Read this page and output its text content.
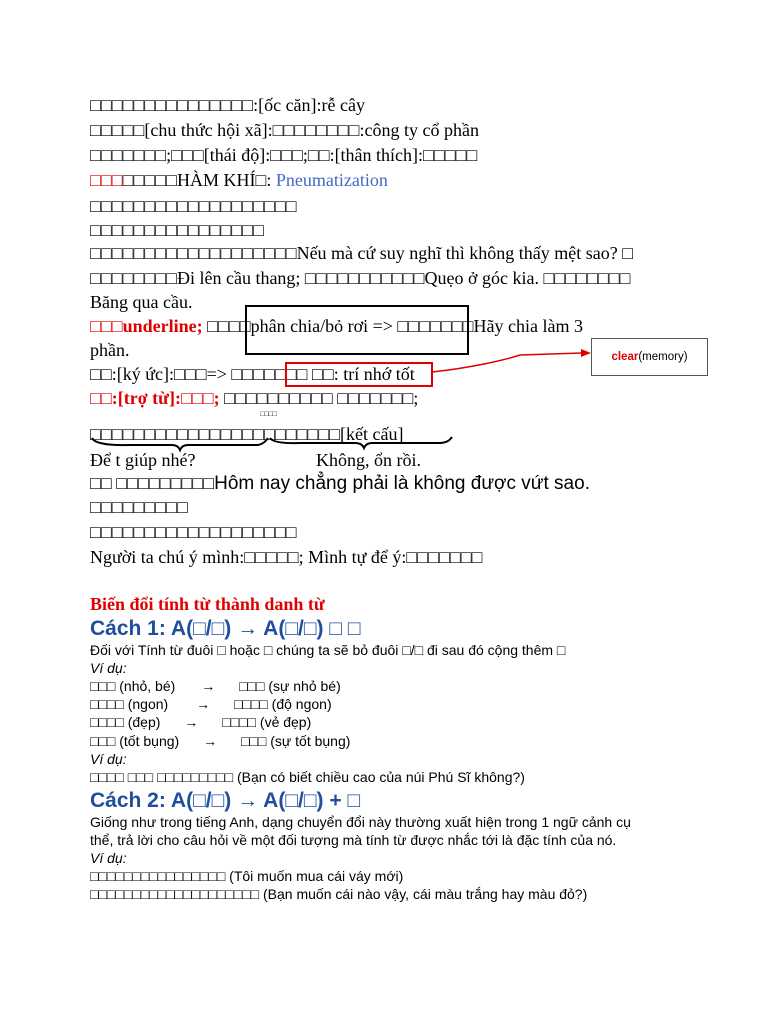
□□□□□□□□□□□□□□□:[ốc căn]:rễ cây
□□□□□[chu thức hội xã]:□□□□□□□□:công ty cổ phần
□□□□□□□;□□□[thái độ]:□□□;□□:[thân thích]:□□□□□
□□□□□□□□HÀM KHÍ□: Pneumatization
□□□□□□□□□□□□□□□□□□□
□□□□□□□□□□□□□□□□
□□□□□□□□□□□□□□□□□□□Nếu mà cứ suy nghĩ thì không thấy mệt sao? □
□□□□□□□□Đi lên cầu thang; □□□□□□□□□□□Quẹo ở góc kia. □□□□□□□□
Băng qua cầu.
□□□underline; □□□□phân chia/bỏ rơi => □□□□□□□Hãy chia làm 3
phần.
□□:[ký ức]:□□□=> □□□□□□□ □□: trí nhớ tốt
□□:[trợ từ]:□□□; □□□□□□□□□□ □□□□□□□;
□□□□
□□□□□□□□□□□□□□□□□□□□□□□[kết cấu]
Để t giúp nhé?	Không, ổn rồi.
□□ □□□□□□□□□Hôm nay chẳng phải là không được vứt sao.
□□□□□□□□□
□□□□□□□□□□□□□□□□□□□
Người ta chú ý mình:□□□□□; Mình tự để ý:□□□□□□□
clear (memory)
Biến đổi tính từ thành danh từ
Cách 1: A(□/□) → A(□/□) □ □
Đối với Tính từ đuôi □ hoặc □ chúng ta sẽ bỏ đuôi □/□ đi sau đó cộng thêm □
Ví dụ:
□□□ (nhỏ, bé) → □□□ (sự nhỏ bé)
□□□□ (ngon) → □□□□ (độ ngon)
□□□□ (đẹp) → □□□□ (vẻ đẹp)
□□□ (tốt bụng) → □□□ (sự tốt bụng)
Ví dụ:
□□□□ □□□ □□□□□□□□□ (Bạn có biết chiều cao của núi Phú Sĩ không?)
Cách 2: A(□/□) → A(□/□) + □
Giống như trong tiếng Anh, dạng chuyển đổi này thường xuất hiện trong 1 ngữ cảnh cụ
thể, trả lời cho câu hỏi về một đối tượng mà tính từ được nhắc tới là đặc tính của nó.
Ví dụ:
□□□□□□□□□□□□□□□□ (Tôi muốn mua cái váy mới)
□□□□□□□□□□□□□□□□□□□□ (Bạn muốn cái nào vậy, cái màu trắng hay màu đỏ?)
